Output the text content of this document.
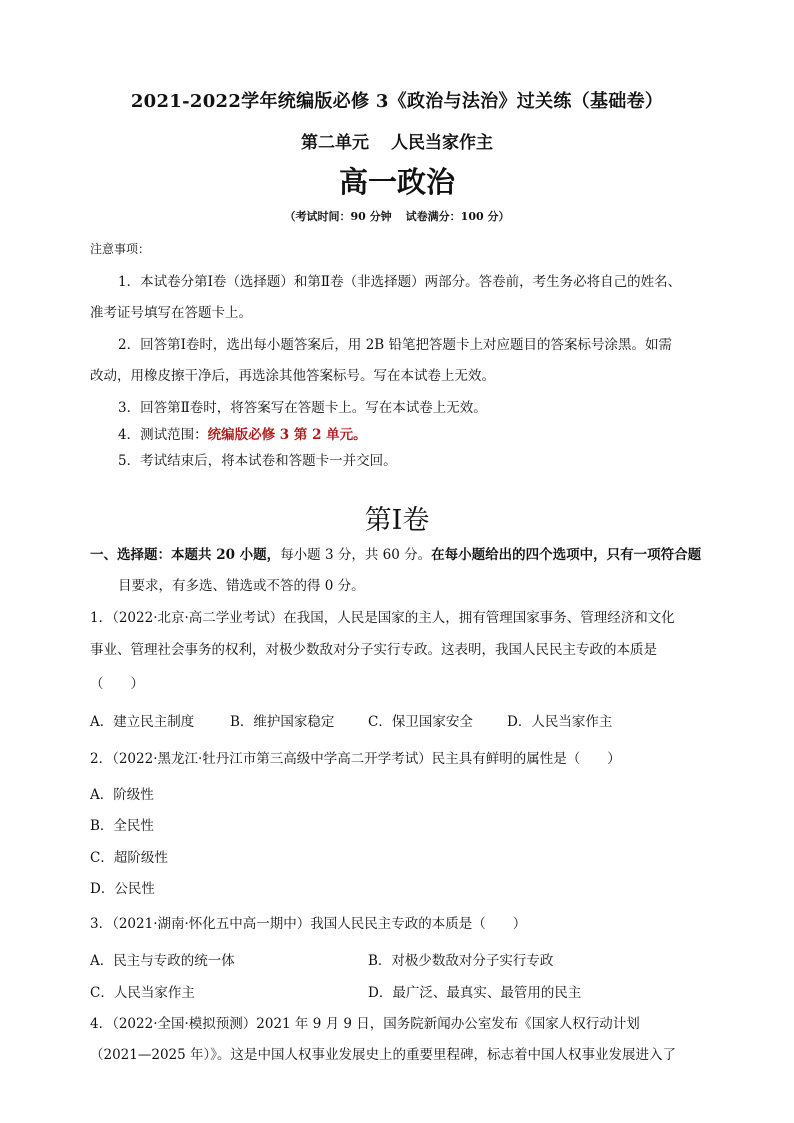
2021-2022学年统编版必修 3《政治与法治》过关练（基础卷）
第二单元 人民当家作主
高一政治
（考试时间：90 分钟 试卷满分：100 分）
注意事项：
1．本试卷分第Ⅰ卷（选择题）和第Ⅱ卷（非选择题）两部分。答卷前，考生务必将自己的姓名、
准考证号填写在答题卡上。
2．回答第Ⅰ卷时，选出每小题答案后，用 2B 铅笔把答题卡上对应题目的答案标号涂黑。如需
改动，用橡皮擦干净后，再选涂其他答案标号。写在本试卷上无效。
3．回答第Ⅱ卷时，将答案写在答题卡上。写在本试卷上无效。
4．测试范围：统编版必修 3 第 2 单元。
5．考试结束后，将本试卷和答题卡一并交回。
第Ⅰ卷
一、选择题：本题共 20 小题，每小题 3 分，共 60 分。在每小题给出的四个选项中，只有一项符合题
目要求，有多选、错选或不答的得 0 分。
1．（2022·北京·高二学业考试）在我国，人民是国家的主人，拥有管理国家事务、管理经济和文化
事业、管理社会事务的权利，对极少数敌对分子实行专政。这表明，我国人民民主专政的本质是
（　　）
A．建立民主制度	B．维护国家稳定 C．保卫国家安全	D．人民当家作主
2．（2022·黑龙江·牡丹江市第三高级中学高二开学考试）民主具有鲜明的属性是（　　）
A．阶级性
B．全民性
C．超阶级性
D．公民性
3．（2021·湖南·怀化五中高一期中）我国人民民主专政的本质是（　　）
A．民主与专政的统一体	B．对极少数敌对分子实行专政
C．人民当家作主	D．最广泛、最真实、最管用的民主
4．（2022·全国·模拟预测）2021 年 9 月 9 日，国务院新闻办公室发布《国家人权行动计划
（2021—2025 年）》。这是中国人权事业发展史上的重要里程碑，标志着中国人权事业发展进入了
